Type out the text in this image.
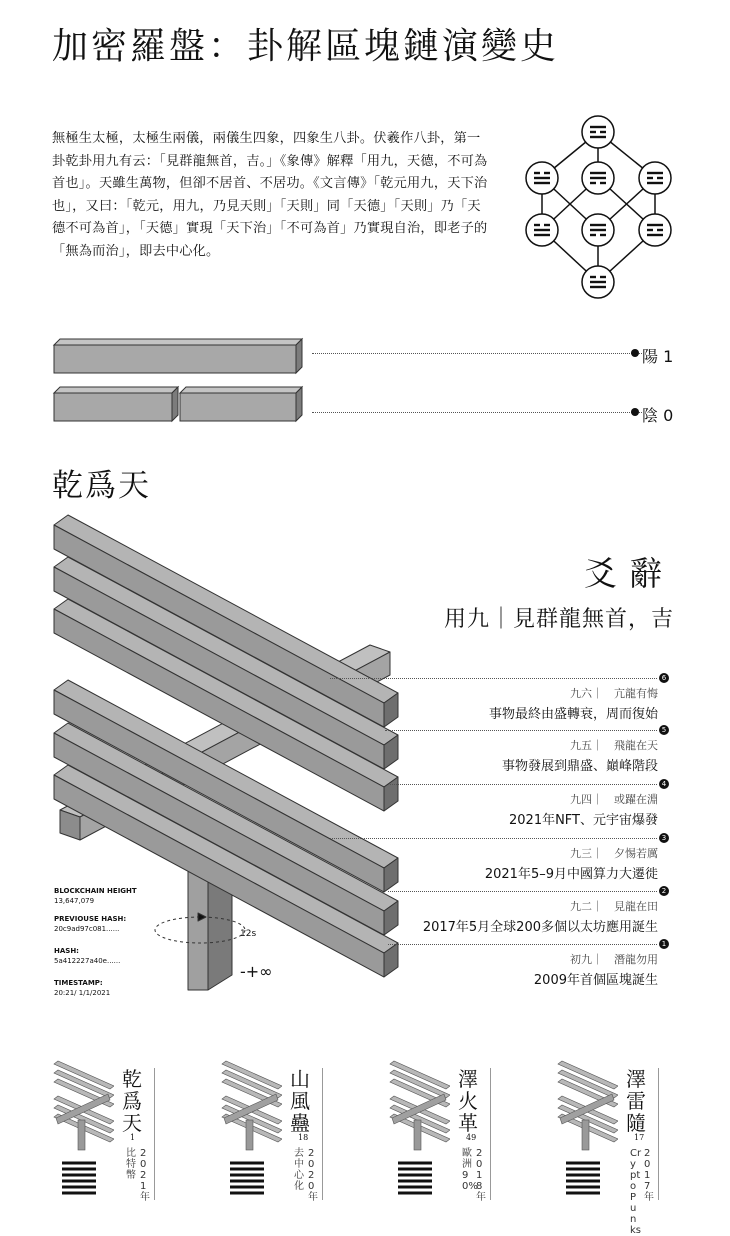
加密羅盤：卦解區塊鏈演變史
無極生太極，太極生兩儀，兩儀生四象，四象生八卦。伏羲作八卦，第一卦乾卦用九有云：「見群龍無首，吉。」《象傳》解釋「用九，天德，不可為首也」。天雖生萬物，但卻不居首、不居功。《文言傳》「乾元用九，天下治也」，又曰：「乾元，用九，乃見天則」「天則」同「天德」「天則」乃「天德不可為首」，「天德」實現「天下治」「不可為首」乃實現自治，即老子的「無為而治」，即去中心化。
陽 1
陰 0
乾爲天
爻辭
用九｜見群龍無首，吉
6
九六｜　亢龍有悔
事物最終由盛轉衰，周而復始
5
九五｜　飛龍在天
事物發展到鼎盛、巔峰階段
4
九四｜　或躍在淵
2021年NFT、元宇宙爆發
3
九三｜　夕惕若厲
2021年5–9月中國算力大遷徙
2
九二｜　見龍在田
2017年5月全球200多個以太坊應用誕生
1
初九｜　潛龍勿用
2009年首個區塊誕生
BLOCKCHAIN HEIGHT
13,647,079
PREVIOUSE HASH:
20c9ad97c081......
HASH:
5a412227a40e......
TIMESTAMP:
20:21/ 1/1/2021
12s
-+∞
乾爲天
1
比特幣
2021年
山風蠱
18
去中心化
2020年
澤火革
49
歐洲90%
2018年
澤雷隨
17
CryptoPunks
2017年
